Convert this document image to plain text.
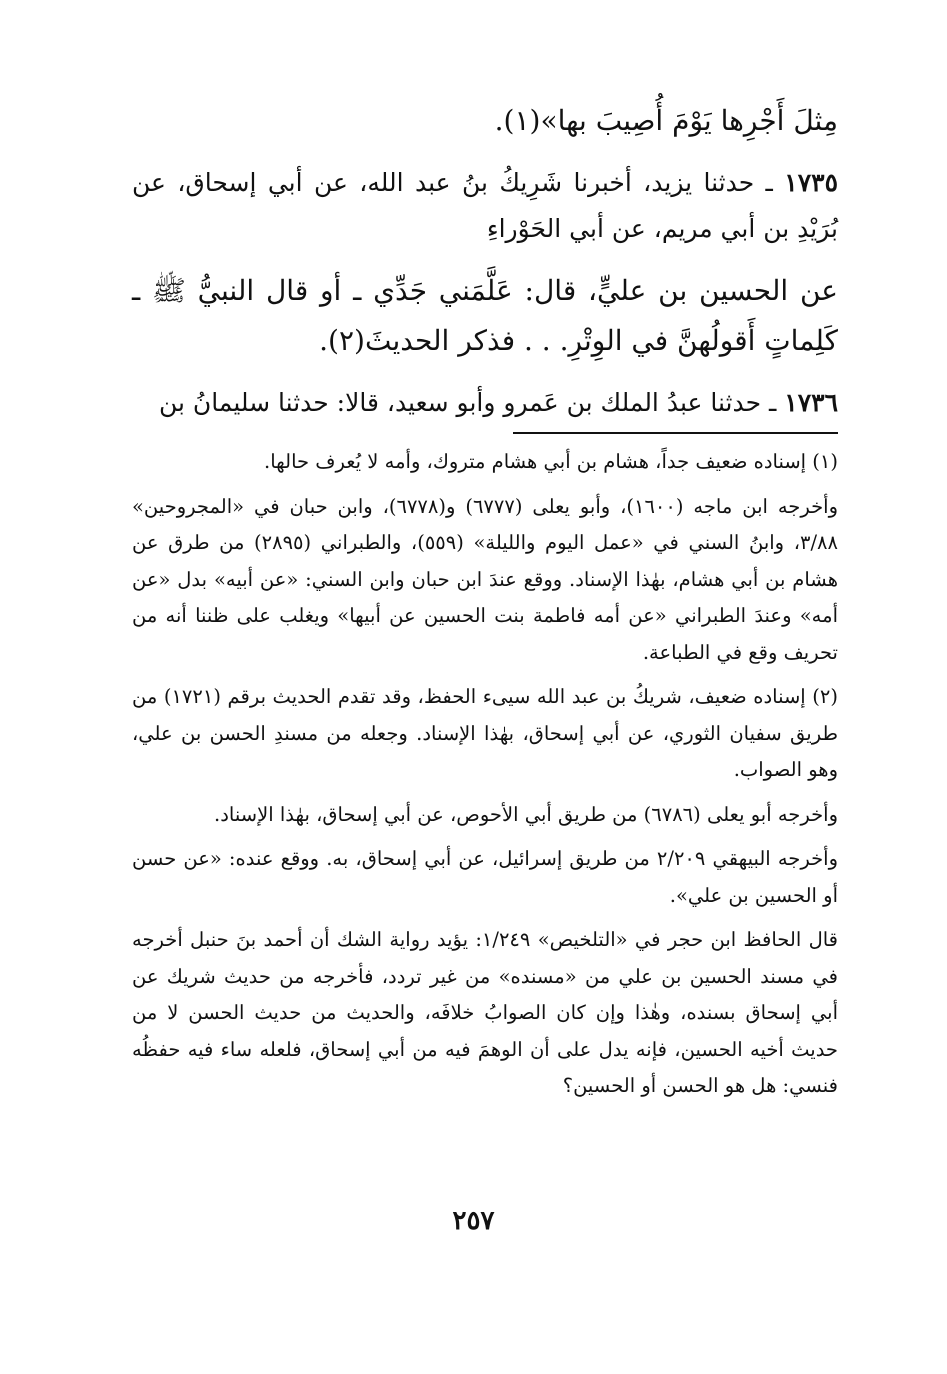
مِثلَ أَجْرِها يَوْمَ أُصِيبَ بها»(١).

١٧٣٥ ـ حدثنا يزيد، أخبرنا شَرِيكُ بنُ عبد الله، عن أبي إسحاق، عن بُرَيْدِ بن أبي مريم، عن أبي الحَوْراءِ

عن الحسين بن عليٍّ، قال: عَلَّمَني جَدِّي ـ أو قال النبيُّ ﷺ ـ كَلِماتٍ أَقولُهنَّ في الوِتْرِ. . . فذكر الحديثَ(٢).

١٧٣٦ ـ حدثنا عبدُ الملك بن عَمرو وأبو سعيد، قالا: حدثنا سليمانُ بن

(١) إسناده ضعيف جداً، هشام بن أبي هشام متروك، وأمه لا يُعرف حالها.

وأخرجه ابن ماجه (١٦٠٠)، وأبو يعلى (٦٧٧٧) و(٦٧٧٨)، وابن حبان في «المجروحين» ٣/٨٨، وابنُ السني في «عمل اليوم والليلة» (٥٥٩)، والطبراني (٢٨٩٥) من طرق عن هشام بن أبي هشام، بهٰذا الإسناد. ووقع عندَ ابن حبان وابن السني: «عن أبيه» بدل «عن أمه» وعندَ الطبراني «عن أمه فاطمة بنت الحسين عن أبيها» ويغلب على ظننا أنه من تحريف وقع في الطباعة.

(٢) إسناده ضعيف، شريكُ بن عبد الله سيىء الحفظ، وقد تقدم الحديث برقم (١٧٢١) من طريق سفيان الثوري، عن أبي إسحاق، بهٰذا الإسناد. وجعله من مسندِ الحسن بن علي، وهو الصواب.

وأخرجه أبو يعلى (٦٧٨٦) من طريق أبي الأحوص، عن أبي إسحاق، بهٰذا الإسناد.

وأخرجه البيهقي ٢/٢٠٩ من طريق إسرائيل، عن أبي إسحاق، به. ووقع عنده: «عن حسن أو الحسين بن علي».

قال الحافظ ابن حجر في «التلخيص» ١/٢٤٩: يؤيد رواية الشك أن أحمد بنَ حنبل أخرجه في مسند الحسين بن علي من «مسنده» من غير تردد، فأخرجه من حديث شريك عن أبي إسحاق بسنده، وهٰذا وإن كان الصوابُ خلافَه، والحديث من حديث الحسن لا من حديث أخيه الحسين، فإنه يدل على أن الوهمَ فيه من أبي إسحاق، فلعله ساء فيه حفظُه فنسي: هل هو الحسن أو الحسين؟

٢٥٧
